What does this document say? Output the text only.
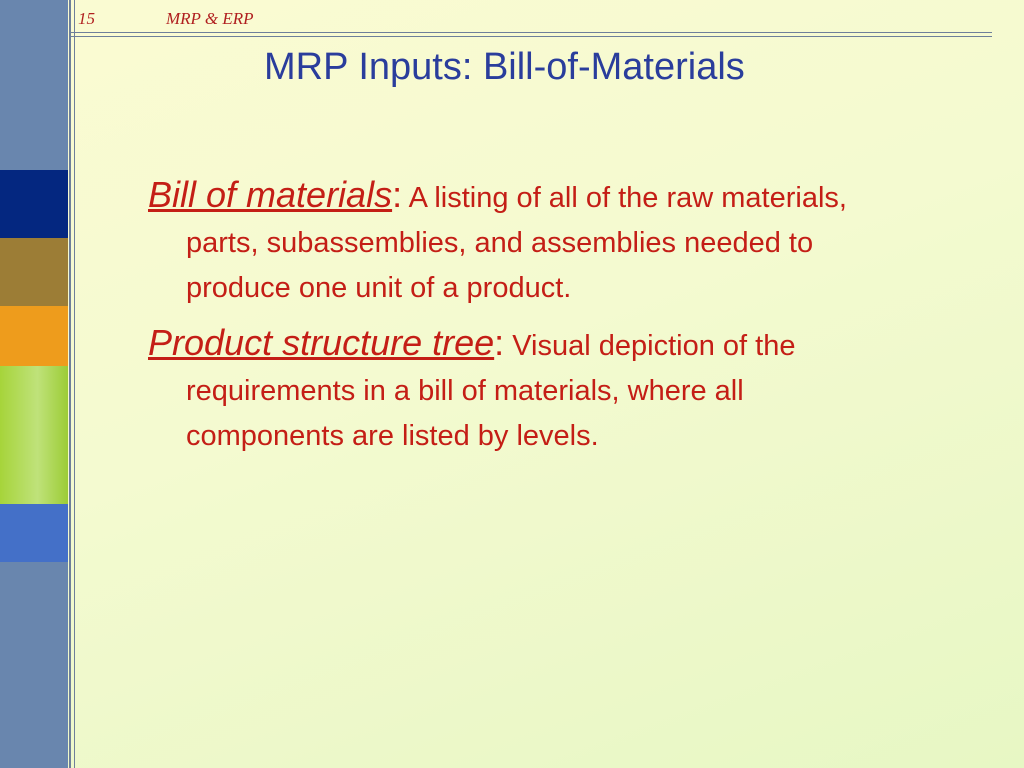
15	MRP & ERP
MRP Inputs: Bill-of-Materials

Bill of materials: A listing of all of the raw materials, parts, subassemblies, and assemblies needed to produce one unit of a product.

Product structure tree: Visual depiction of the requirements in a bill of materials, where all components are listed by levels.
